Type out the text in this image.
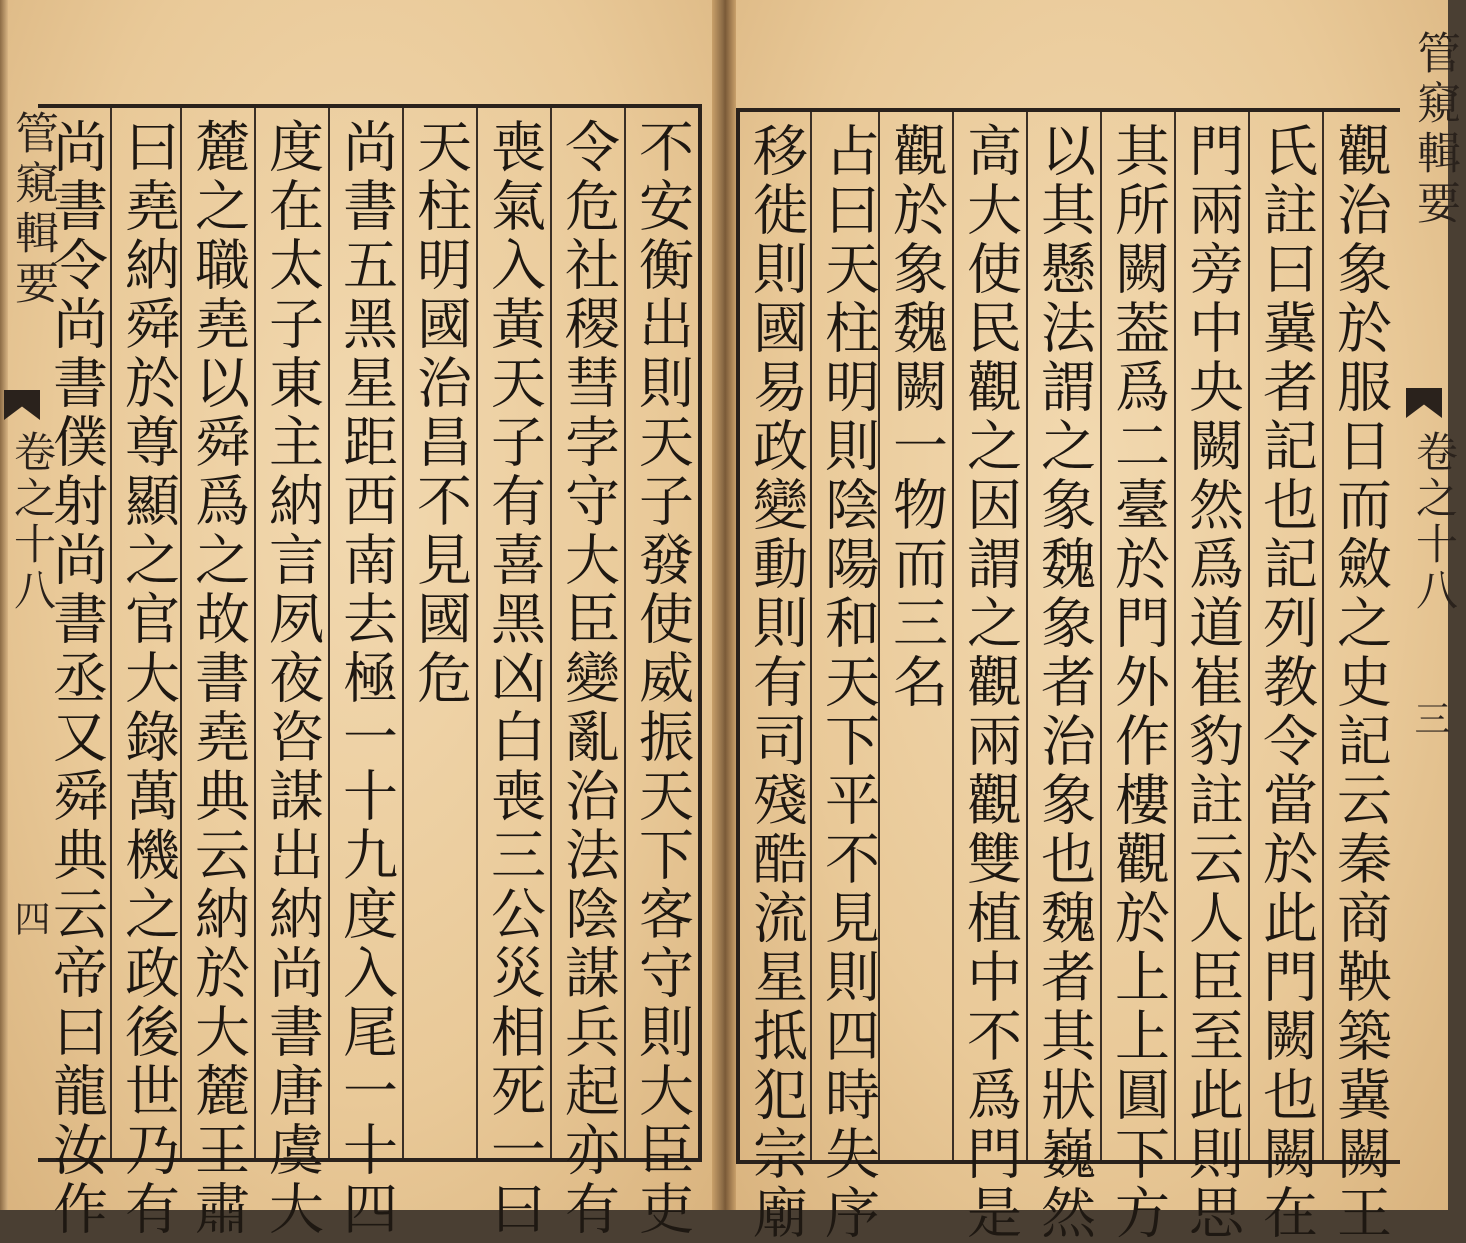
觀治象於服日而斂之史記云秦商鞅築冀闕王
氏註曰冀者記也記列教令當於此門闕也闕在
門兩旁中央闕然爲道崔豹註云人臣至此則思
其所闕葢爲二臺於門外作樓觀於上上圓下方
以其懸法謂之象魏象者治象也魏者其狀巍然
高大使民觀之因謂之觀兩觀雙植中不爲門是
觀於象魏闕一物而三名
占曰天柱明則陰陽和天下平不見則四時失序
移徙則國易政變動則有司殘酷流星抵犯宗廟
不安衡出則天子發使威振天下客守則大臣吏
令危社稷彗孛守大臣變亂治法陰謀兵起亦有
喪氣入黃天子有喜黑凶白喪三公災相死一曰
天柱明國治昌不見國危
尚書五黑星距西南去極一十九度入尾一十四
度在太子東主納言夙夜咨謀出納尚書唐虞大
麓之職堯以舜爲之故書堯典云納於大麓王肅
曰堯納舜於尊顯之官大錄萬機之政後世乃有
尚書令尚書僕射尚書丞又舜典云帝曰龍汝作
管窺輯要
卷之十八
四
管窺輯要
卷之十八
三
